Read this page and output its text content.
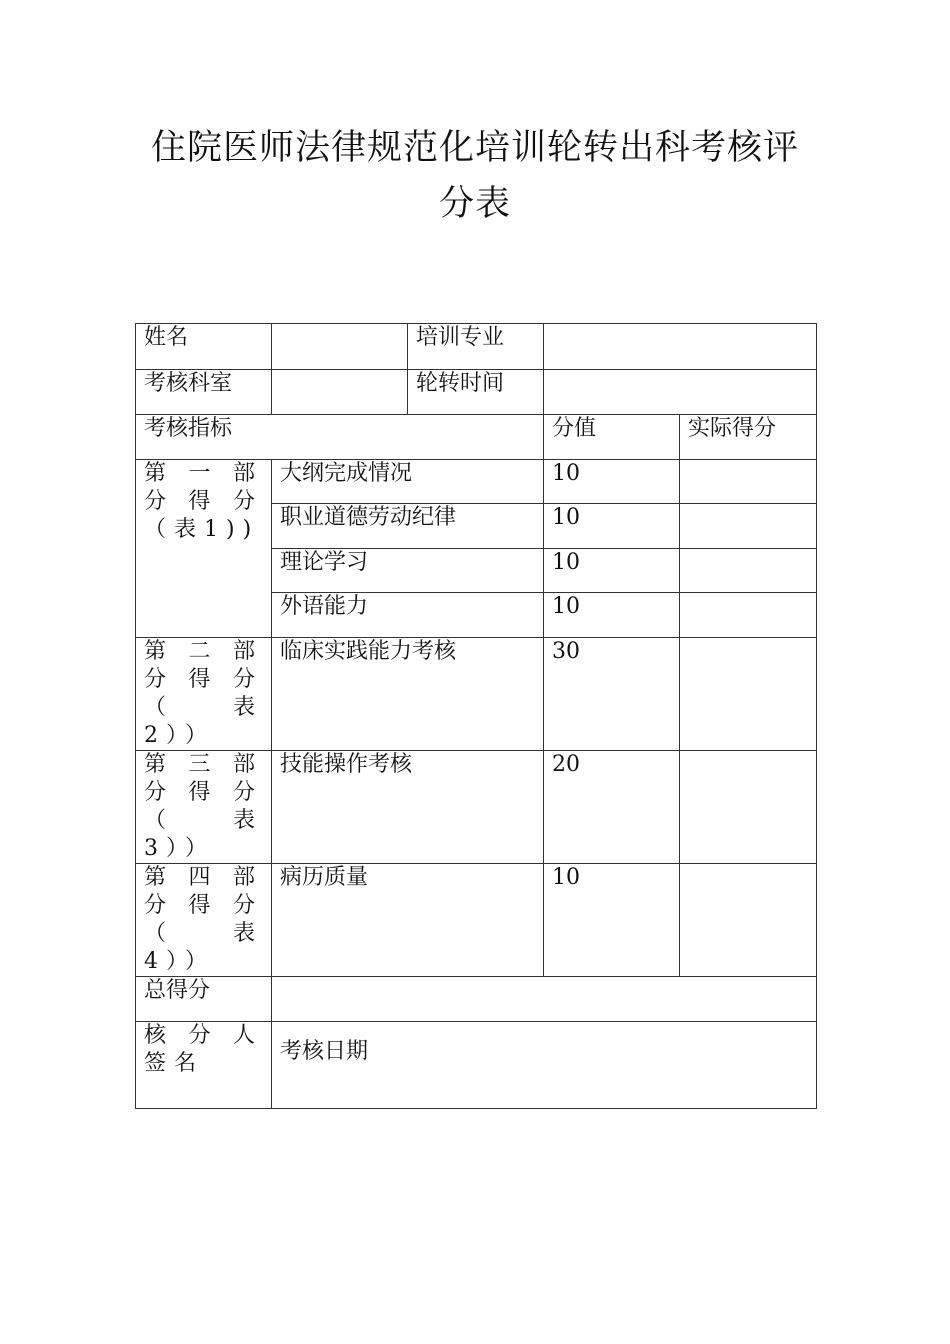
住院医师法律规范化培训轮转出科考核评
分表
姓名		培训专业		
考核科室		轮转时间		
考核指标			分值	实际得分
第一部分得分（表1))	大纲完成情况		10	
	职业道德劳动纪律		10	
	理论学习		10	
	外语能力		10	
第二部分得分（表2））	临床实践能力考核		30	
第三部分得分（表3））	技能操作考核		20	
第四部分得分（表4））	病历质量		10	
总得分				
核分人签名	考核日期			
